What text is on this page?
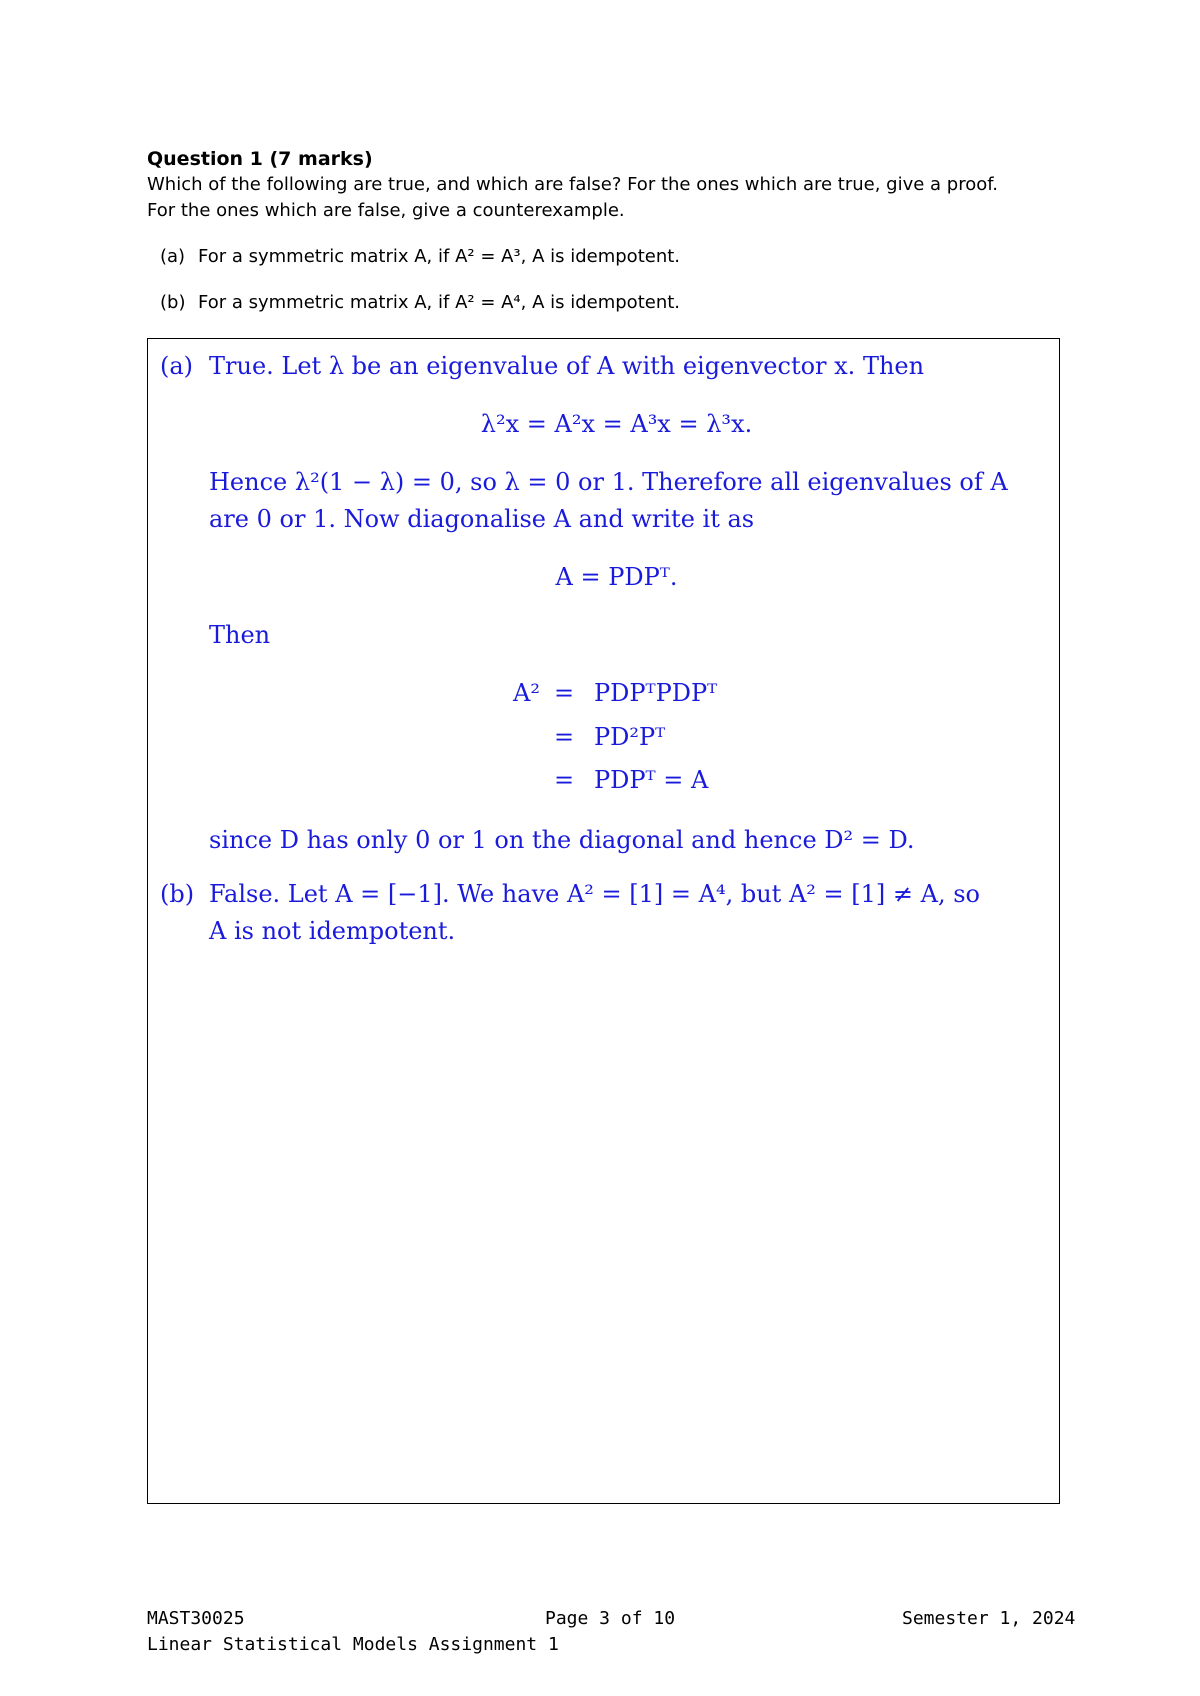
Question 1 (7 marks)
Which of the following are true, and which are false? For the ones which are true, give a proof.
For the ones which are false, give a counterexample.
(a) For a symmetric matrix A, if A² = A³, A is idempotent.
(b) For a symmetric matrix A, if A² = A⁴, A is idempotent.
(a) True. Let λ be an eigenvalue of A with eigenvector x. Then
λ²x = A²x = A³x = λ³x.
Hence λ²(1 − λ) = 0, so λ = 0 or 1. Therefore all eigenvalues of A
are 0 or 1. Now diagonalise A and write it as
A = PDPᵀ.
Then
A² = PDPᵀPDPᵀ
= PD²Pᵀ
= PDPᵀ = A
since D has only 0 or 1 on the diagonal and hence D² = D.
(b) False. Let A = [−1]. We have A² = [1] = A⁴, but A² = [1] ≠ A, so
A is not idempotent.
MAST30025	Page 3 of 10	Semester 1, 2024
Linear Statistical Models Assignment 1
